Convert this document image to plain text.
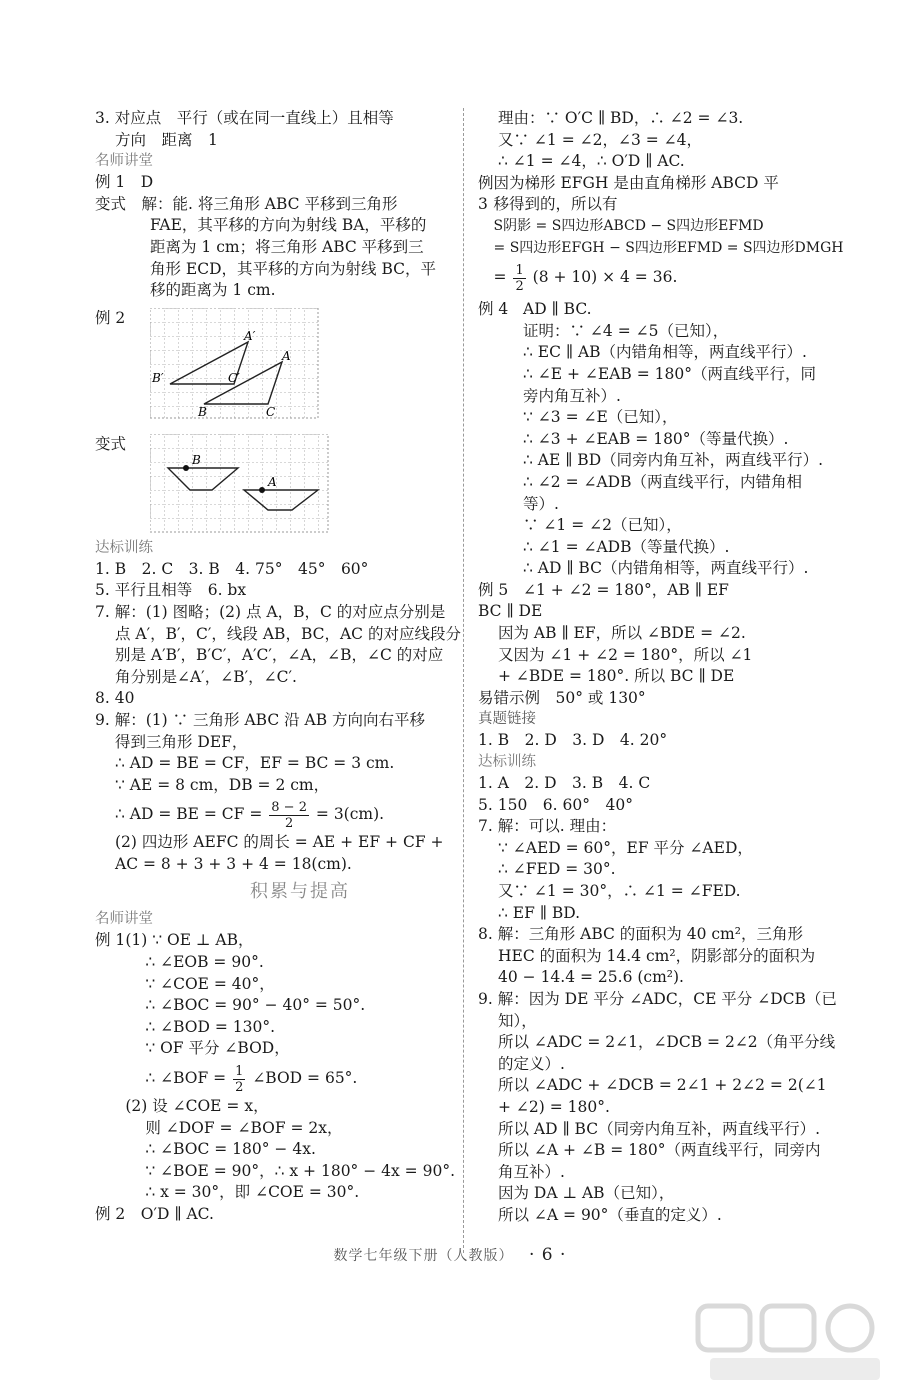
3. 对应点　平行（或在同一直线上）且相等
方向　距离　1
名师讲堂
例 1　D
变式　解：能. 将三角形 ABC 平移到三角形
FAE，其平移的方向为射线 BA，平移的
距离为 1 cm；将三角形 ABC 平移到三
角形 ECD，其平移的方向为射线 BC，平
移的距离为 1 cm.
例 2
A′
A
B′	C′
B	C
变式
B
A
达标训练
1. B　2. C　3. B　4. 75°　45°　60°
5. 平行且相等　6. bx
7. 解：(1) 图略；(2) 点 A，B，C 的对应点分别是
点 A′，B′，C′，线段 AB，BC，AC 的对应线段分
别是 A′B′，B′C′，A′C′，∠A，∠B，∠C 的对应
角分别是∠A′，∠B′，∠C′.
8. 40
9. 解：(1) ∵ 三角形 ABC 沿 AB 方向向右平移
得到三角形 DEF，
∴ AD = BE = CF，EF = BC = 3 cm.
∵ AE = 8 cm，DB = 2 cm，
∴ AD = BE = CF = $\frac{8 - 2}{2} = 3(cm)$.
(2) 四边形 AEFC 的周长 = AE + EF + CF +
AC = 8 + 3 + 3 + 4 = 18(cm).
积累与提高
名师讲堂
例 1 (1) ∵ OE ⊥ AB，
∴ ∠EOB = 90°.
∵ ∠COE = 40°，
∴ ∠BOC = 90° − 40° = 50°.
∴ ∠BOD = 130°.
∵ OF 平分 ∠BOD，
∴ ∠BOF = $\frac{1}{2}$ ∠BOD = 65°.
(2) 设 ∠COE = x，
则 ∠DOF = ∠BOF = 2x，
∴ ∠BOC = 180° − 4x.
∵ ∠BOE = 90°，∴ x + 180° − 4x = 90°.
∴ x = 30°，即 ∠COE = 30°.
例 2　O′D ∥ AC.
理由：∵ O′C ∥ BD，∴ ∠2 = ∠3.
又∵ ∠1 = ∠2，∠3 = ∠4，
∴ ∠1 = ∠4，∴ O′D ∥ AC.
例 3
因为梯形 EFGH 是由直角梯形 ABCD 平
移得到的，所以有
S阴影 = S四边形ABCD − S四边形EFMD
= S四边形EFGH − S四边形EFMD = S四边形DMGH
= $\frac{1}{2} (8 + 10) \times 4 = 36$.
例 4 AD ∥ BC.
证明：∵ ∠4 = ∠5（已知），
∴ EC ∥ AB（内错角相等，两直线平行）.
∴ ∠E + ∠EAB = 180°（两直线平行，同
旁内角互补）.
∵ ∠3 = ∠E（已知），
∴ ∠3 + ∠EAB = 180°（等量代换）.
∴ AE ∥ BD（同旁内角互补，两直线平行）.
∴ ∠2 = ∠ADB（两直线平行，内错角相
等）.
∵ ∠1 = ∠2（已知），
∴ ∠1 = ∠ADB（等量代换）.
∴ AD ∥ BC（内错角相等，两直线平行）.
例 5 ∠1 + ∠2 = 180°，AB ∥ EF
BC ∥ DE
因为 AB ∥ EF，所以 ∠BDE = ∠2.
又因为 ∠1 + ∠2 = 180°，所以 ∠1
+ ∠BDE = 180°. 所以 BC ∥ DE
易错示例　50° 或 130°
真题链接
1. B　2. D　3. D　4. 20°
达标训练
1. A　2. D　3. B　4. C
5. 150　6. 60°　40°
7. 解：可以. 理由：
∵ ∠AED = 60°，EF 平分 ∠AED，
∴ ∠FED = 30°.
又∵ ∠1 = 30°，∴ ∠1 = ∠FED.
∴ EF ∥ BD.
8. 解：三角形 ABC 的面积为 40 cm²，三角形
HEC 的面积为 14.4 cm²，阴影部分的面积为
40 − 14.4 = 25.6 (cm²).
9. 解：因为 DE 平分 ∠ADC，CE 平分 ∠DCB（已
知），
所以 ∠ADC = 2∠1，∠DCB = 2∠2（角平分线
的定义）.
所以 ∠ADC + ∠DCB = 2∠1 + 2∠2 = 2(∠1
+ ∠2) = 180°.
所以 AD ∥ BC（同旁内角互补，两直线平行）.
所以 ∠A + ∠B = 180°（两直线平行，同旁内
角互补）.
因为 DA ⊥ AB（已知），
所以 ∠A = 90°（垂直的定义）.
数学七年级下册（人教版） · 6 ·
